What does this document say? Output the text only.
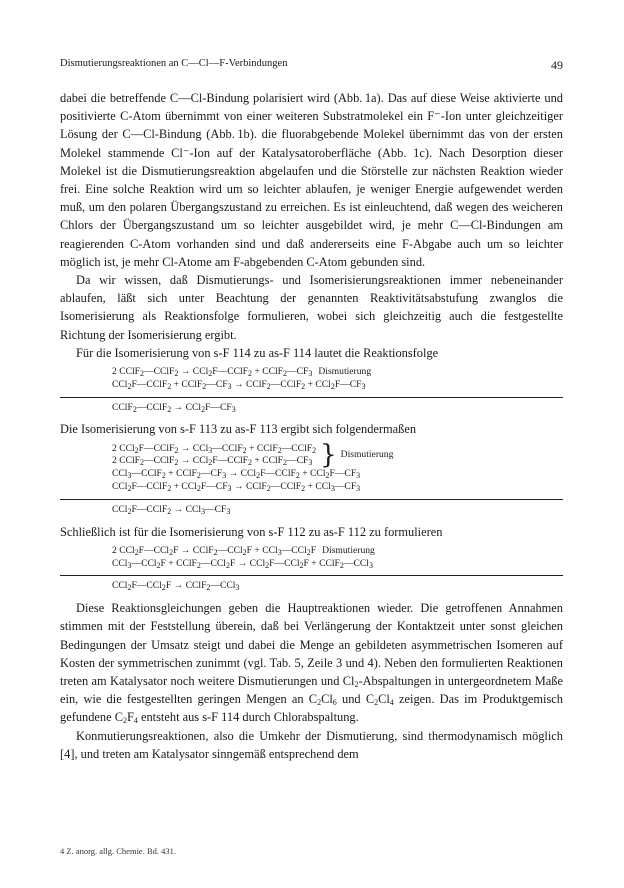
Dismutierungsreaktionen an C—Cl—F-Verbindungen	49

dabei die betreffende C—Cl-Bindung polarisiert wird (Abb. 1a). Das auf diese Weise aktivierte und positivierte C-Atom übernimmt von einer weiteren Substratmolekel ein F⁻-Ion unter gleichzeitiger Lösung der C—Cl-Bindung (Abb. 1b). die fluorabgebende Molekel übernimmt das von der ersten Molekel stammende Cl⁻-Ion auf der Katalysatoroberfläche (Abb. 1c). Nach Desorption dieser Molekel ist die Dismutierungsreaktion abgelaufen und die Störstelle zur nächsten Reaktion wieder frei. Eine solche Reaktion wird um so leichter ablaufen, je weniger Energie aufgewendet werden muß, um den polaren Übergangszustand zu erreichen. Es ist einleuchtend, daß wegen des weicheren Chlors der Übergangszustand um so leichter ausgebildet wird, je mehr C—Cl-Bindungen am reagierenden C-Atom vorhanden sind und daß andererseits eine F-Abgabe auch um so leichter möglich ist, je mehr Cl-Atome am F-abgebenden C-Atom gebunden sind.

Da wir wissen, daß Dismutierungs- und Isomerisierungsreaktionen immer nebeneinander ablaufen, läßt sich unter Beachtung der genannten Reaktivitätsabstufung zwanglos die Isomerisierung als Reaktionsfolge formulieren, wobei sich gleichzeitig auch die festgestellte Richtung der Isomerisierung ergibt.

Für die Isomerisierung von s-F 114 zu as-F 114 lautet die Reaktionsfolge

2 CClF$_2$—CClF$_2$ → CCl$_2$F—CClF$_2$ + $CClF_2—CF_3$ Dismutierung
CCl$_2$F—CClF$_2$ + $CClF_2—CF_3$ → CClF$_2$—CClF$_2$ + $CCl_2F—CF_3$
CClF$_2$—CClF$_2$ → $CCl_2F—CF_3$

Die Isomerisierung von s-F 113 zu as-F 113 ergibt sich folgendermaßen

2 CCl$_2$F—CClF$_2$ → CCl$_3$—CClF$_2$ + CClF$_2$—CClF$_2$
2 CClF$_2$—CClF$_2$ → CCl$_2$F—CClF$_2$ + $CClF_2—CF_3$ } Dismutierung
CCl$_3$—CClF$_2$ + $CClF_2—CF_3$ → CCl$_2$F—CClF$_2$ + $CCl_2F—CF_3$
CCl$_2$F—CClF$_2$ + $CCl_2F—CF_3$ → CClF$_2$—CClF$_2$ + $CCl_3—CF_3$
CCl$_2$F—CClF$_2$ → $CCl_3—CF_3$

Schließlich ist für die Isomerisierung von s-F 112 zu as-F 112 zu formulieren

2 CCl$_2$F—CCl$_2$F → CClF$_2$—CCl$_2$F + CCl$_3$—CCl$_2$F Dismutierung
CCl$_3$—CCl$_2$F + CClF$_2$—CCl$_2$F → CCl$_2$F—CCl$_2$F + CClF$_2$—CCl$_3$
CCl$_2$F—CCl$_2$F → CClF$_2$—CCl$_3$

Diese Reaktionsgleichungen geben die Hauptreaktionen wieder. Die getroffenen Annahmen stimmen mit der Feststellung überein, daß bei Verlängerung der Kontaktzeit unter sonst gleichen Bedingungen der Umsatz steigt und dabei die Menge an gebildeten asymmetrischen Isomeren auf Kosten der symmetrischen zunimmt (vgl. Tab. 5, Zeile 3 und 4). Neben den formulierten Reaktionen treten am Katalysator noch weitere Dismutierungen und $Cl_2$-Abspaltungen in untergeordnetem Maße ein, wie die festgestellten geringen Mengen an $C_2Cl_6$ und $C_2Cl_4$ zeigen. Das im Produktgemisch gefundene $C_2F_4$ entsteht aus s-F 114 durch Chlorabspaltung.

Konmutierungsreaktionen, also die Umkehr der Dismutierung, sind thermodynamisch möglich [4], und treten am Katalysator sinngemäß entsprechend dem

4 Z. anorg. allg. Chemie. Bd. 431.
